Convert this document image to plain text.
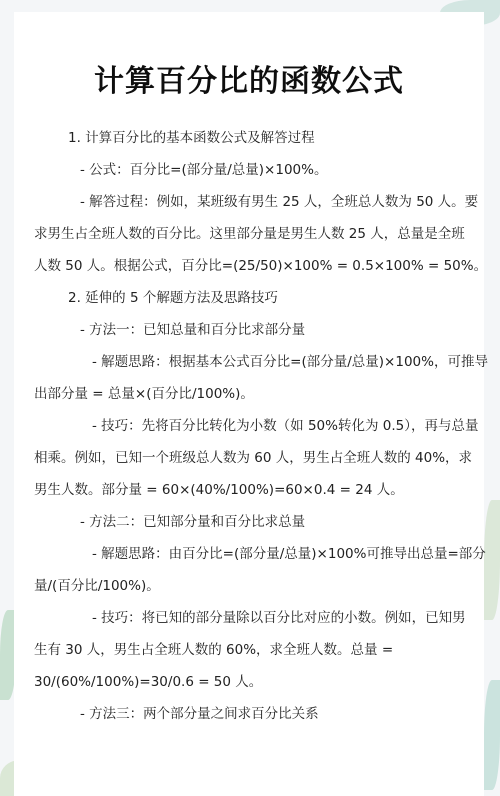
计算百分比的函数公式
1. 计算百分比的基本函数公式及解答过程
- 公式：百分比=(部分量/总量)×100%。
- 解答过程：例如，某班级有男生 25 人，全班总人数为 50 人。要
求男生占全班人数的百分比。这里部分量是男生人数 25 人，总量是全班
人数 50 人。根据公式，百分比=(25/50)×100% = 0.5×100% = 50%。
2. 延伸的 5 个解题方法及思路技巧
- 方法一：已知总量和百分比求部分量
- 解题思路：根据基本公式百分比=(部分量/总量)×100%，可推导
出部分量 = 总量×(百分比/100%)。
- 技巧：先将百分比转化为小数（如 50%转化为 0.5），再与总量
相乘。例如，已知一个班级总人数为 60 人，男生占全班人数的 40%，求
男生人数。部分量 = 60×(40%/100%)=60×0.4 = 24 人。
- 方法二：已知部分量和百分比求总量
- 解题思路：由百分比=(部分量/总量)×100%可推导出总量=部分
量/(百分比/100%)。
- 技巧：将已知的部分量除以百分比对应的小数。例如，已知男
生有 30 人，男生占全班人数的 60%，求全班人数。总量 =
30/(60%/100%)=30/0.6 = 50 人。
- 方法三：两个部分量之间求百分比关系
